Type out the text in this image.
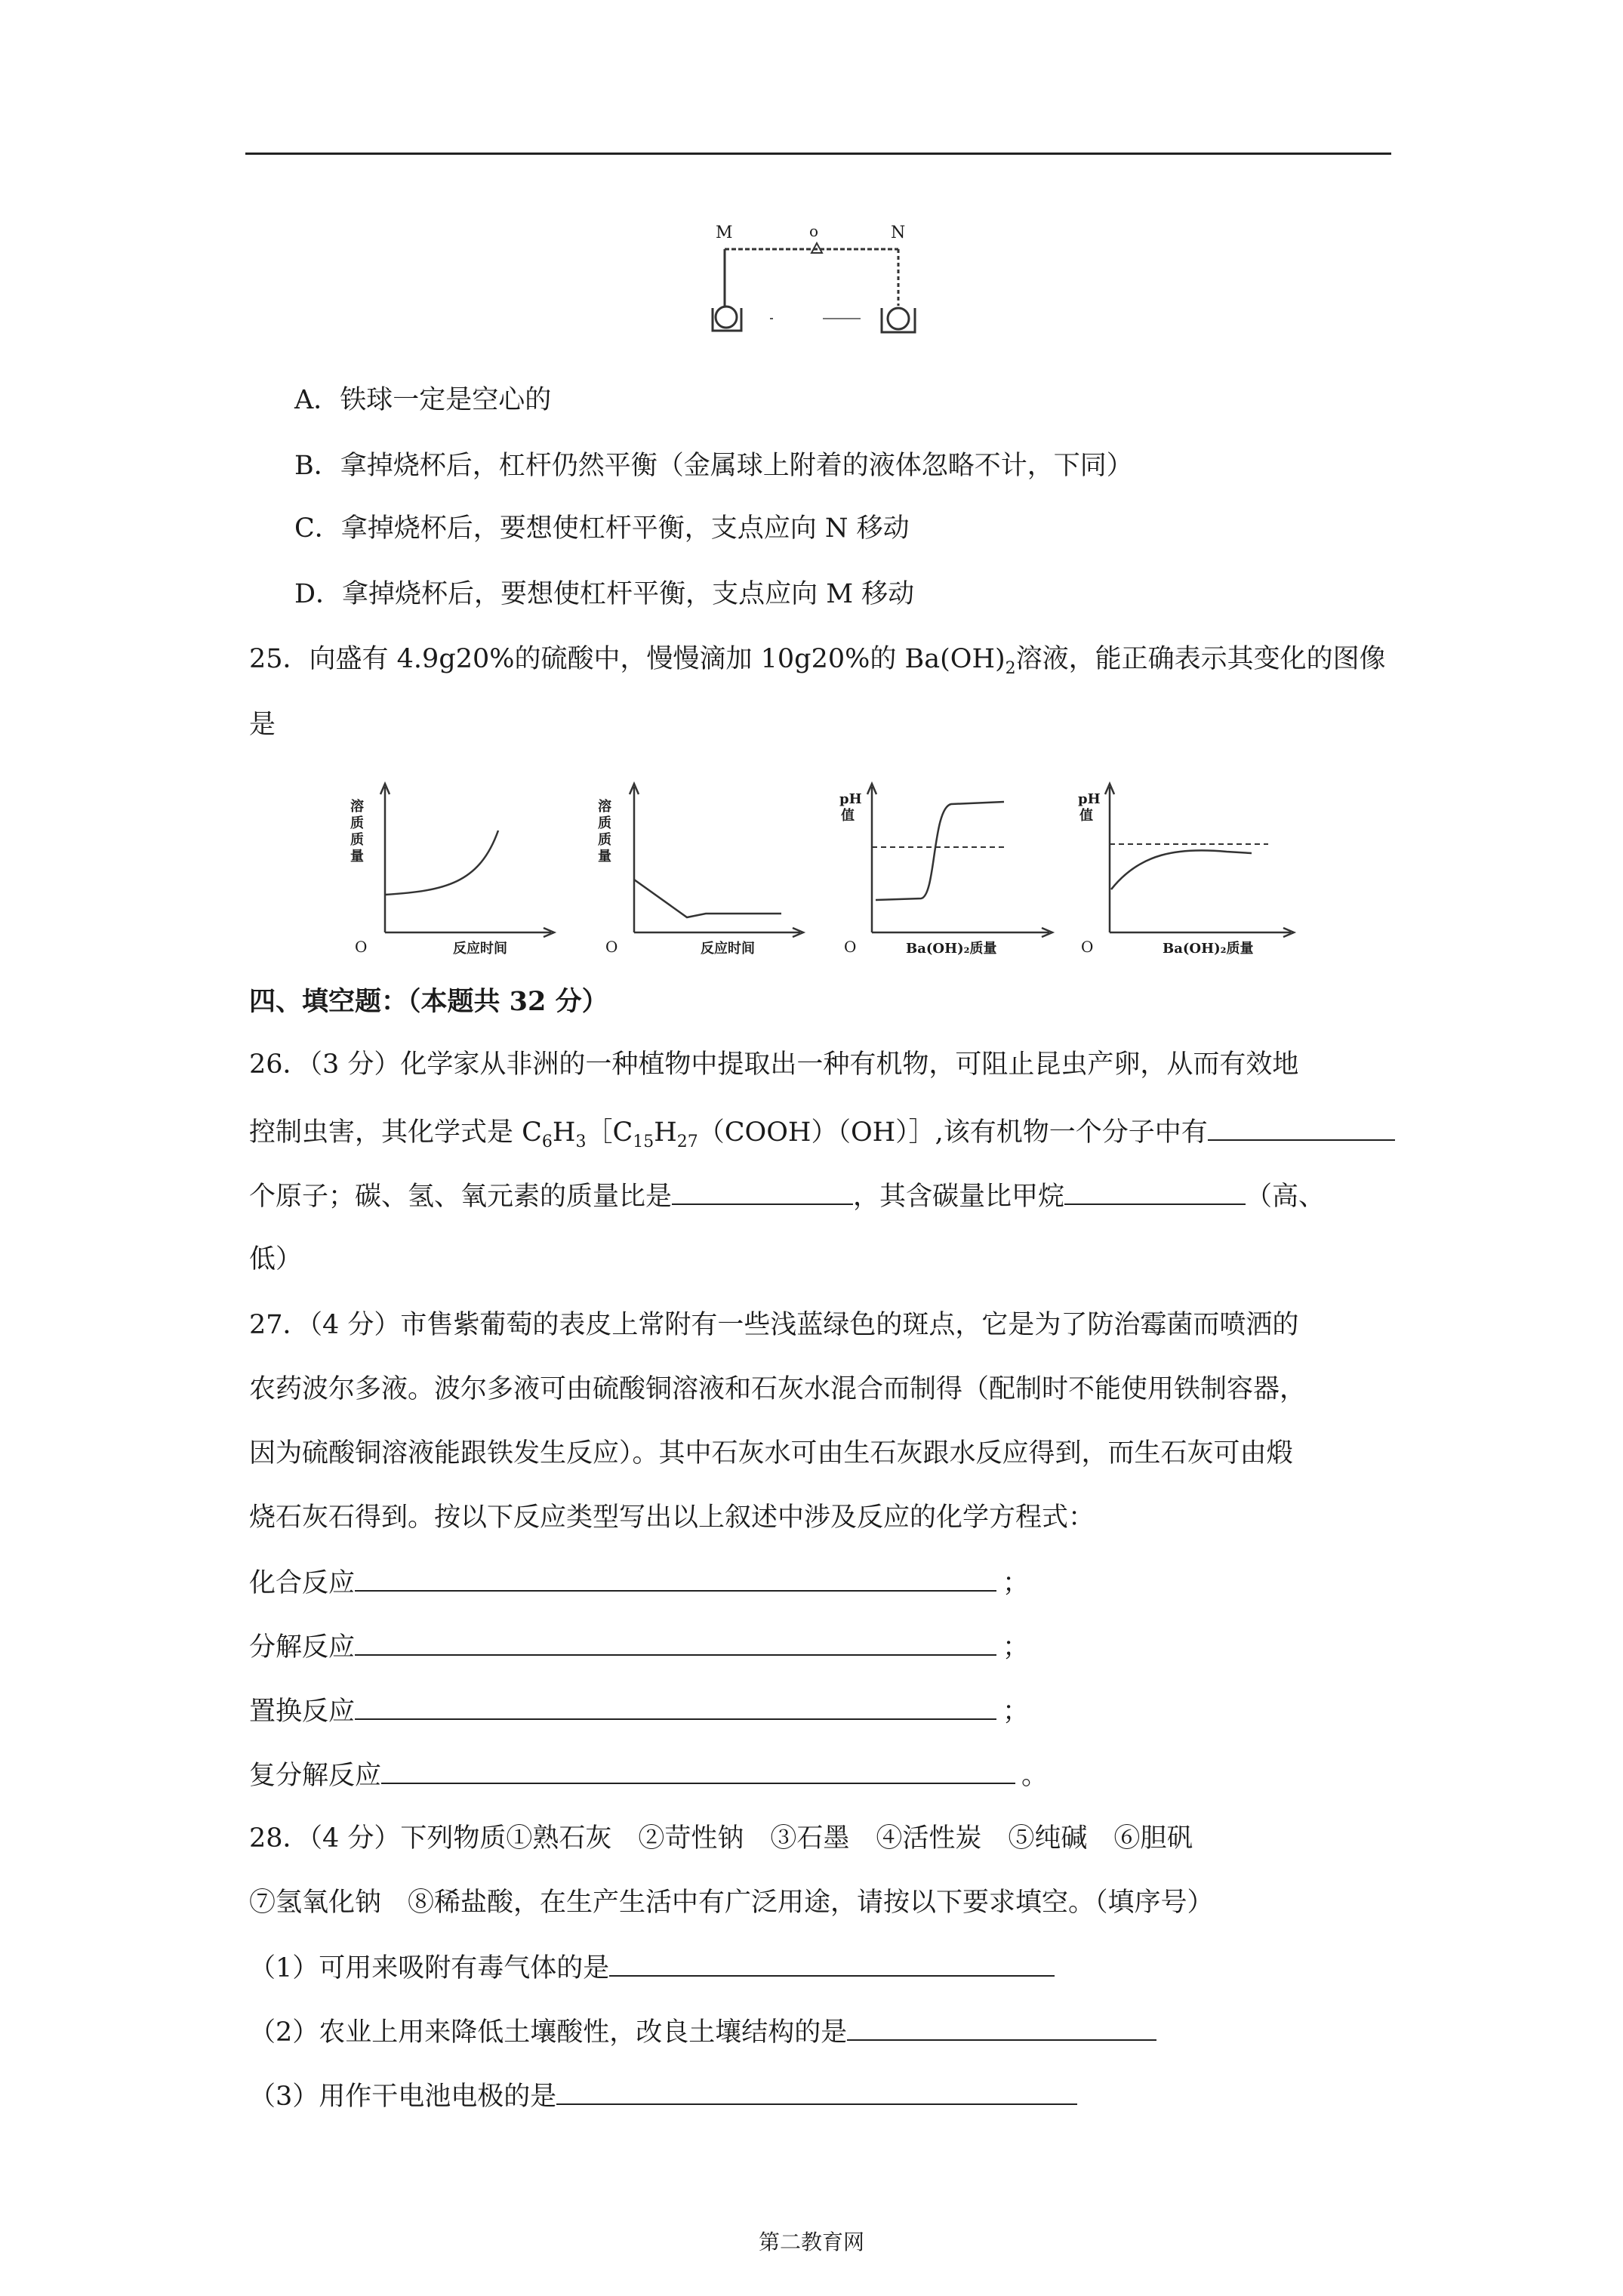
M	o	N
A．铁球一定是空心的
B．拿掉烧杯后，杠杆仍然平衡（金属球上附着的液体忽略不计，下同）
C．拿掉烧杯后，要想使杠杆平衡，支点应向 N 移动
D．拿掉烧杯后，要想使杠杆平衡，支点应向 M 移动
25．向盛有 4.9g20%的硫酸中，慢慢滴加 10g20%的 $Ba(OH)_2$溶液，能正确表示其变化的图像
是
溶
质
质
量
O	反应时间
溶
质
质
量
O	反应时间
pH
值
O	Ba(OH)₂质量
pH
值
O	Ba(OH)₂质量
四、填空题：（本题共 32 分）
26．（3 分）化学家从非洲的一种植物中提取出一种有机物，可阻止昆虫产卵，从而有效地
控制虫害，其化学式是 $C_6H_3[C_{15}H_{27}(COOH)(OH)]$,该有机物一个分子中有
个原子；碳、氢、氧元素的质量比是	，其含碳量比甲烷	（高、
低）
27．（4 分）市售紫葡萄的表皮上常附有一些浅蓝绿色的斑点，它是为了防治霉菌而喷洒的
农药波尔多液。波尔多液可由硫酸铜溶液和石灰水混合而制得（配制时不能使用铁制容器，
因为硫酸铜溶液能跟铁发生反应）。其中石灰水可由生石灰跟水反应得到，而生石灰可由煅
烧石灰石得到。按以下反应类型写出以上叙述中涉及反应的化学方程式：
化合反应	；
分解反应	；
置换反应	；
复分解反应	。
28．（4 分）下列物质①熟石灰　②苛性钠　③石墨　④活性炭　⑤纯碱　⑥胆矾
⑦氢氧化钠　⑧稀盐酸，在生产生活中有广泛用途，请按以下要求填空。（填序号）
（1）可用来吸附有毒气体的是
（2）农业上用来降低土壤酸性，改良土壤结构的是
（3）用作干电池电极的是
第二教育网
